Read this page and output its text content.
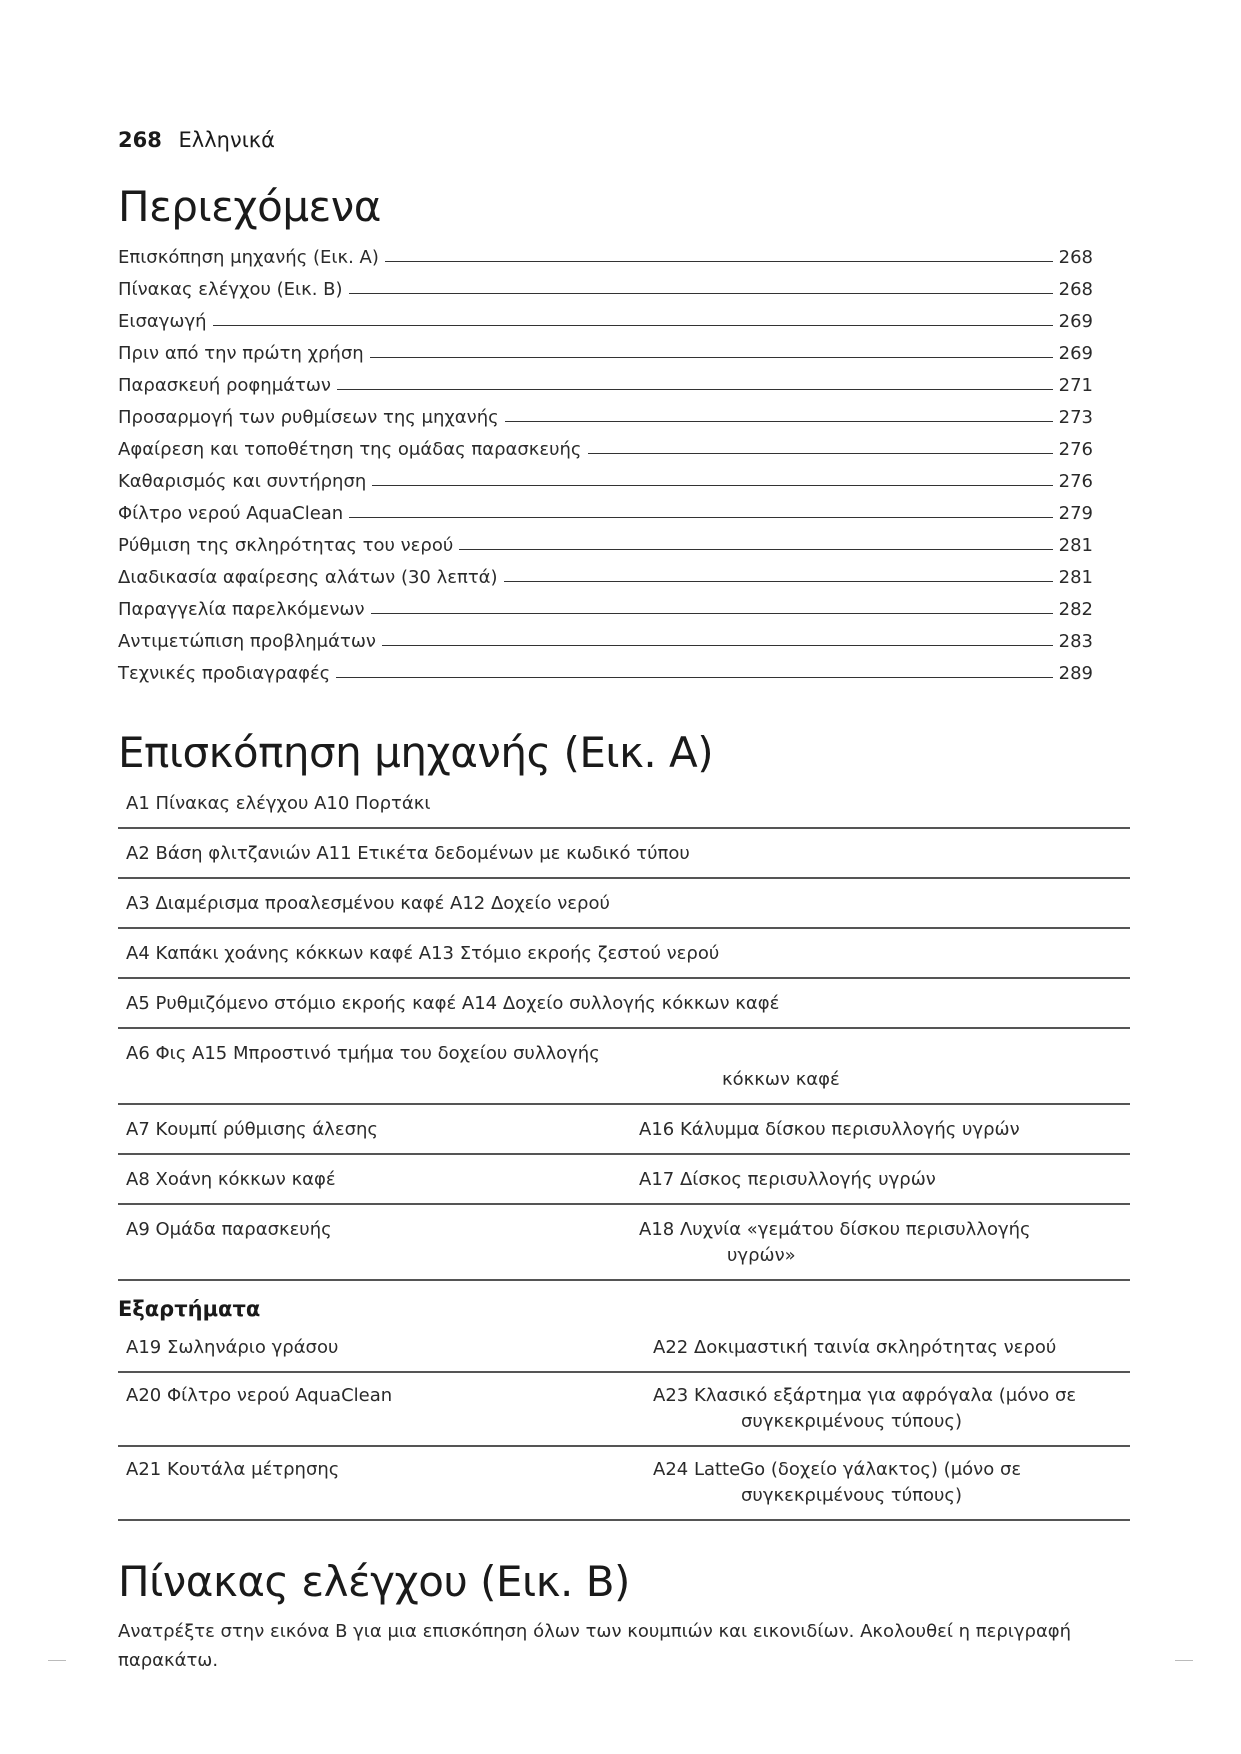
268 Ελληνικά
Περιεχόμενα
Επισκόπηση μηχανής (Εικ. A)	268
Πίνακας ελέγχου (Εικ. B)	268
Εισαγωγή	269
Πριν από την πρώτη χρήση	269
Παρασκευή ροφημάτων	271
Προσαρμογή των ρυθμίσεων της μηχανής	273
Αφαίρεση και τοποθέτηση της ομάδας παρασκευής	276
Καθαρισμός και συντήρηση	276
Φίλτρο νερού AquaClean	279
Ρύθμιση της σκληρότητας του νερού	281
Διαδικασία αφαίρεσης αλάτων (30 λεπτά)	281
Παραγγελία παρελκόμενων	282
Αντιμετώπιση προβλημάτων	283
Τεχνικές προδιαγραφές	289
Επισκόπηση μηχανής (Εικ. A)
A1 Πίνακας ελέγχου A10 Πορτάκι
A2 Βάση φλιτζανιών A11 Ετικέτα δεδομένων με κωδικό τύπου
A3 Διαμέρισμα προαλεσμένου καφέ A12 Δοχείο νερού
A4 Καπάκι χοάνης κόκκων καφέ A13 Στόμιο εκροής ζεστού νερού
A5 Ρυθμιζόμενο στόμιο εκροής καφέ A14 Δοχείο συλλογής κόκκων καφέ
A6 Φις A15 Μπροστινό τμήμα του δοχείου συλλογής
κόκκων καφέ
A7 Κουμπί ρύθμισης άλεσης	A16 Κάλυμμα δίσκου περισυλλογής υγρών
A8 Χοάνη κόκκων καφέ	A17 Δίσκος περισυλλογής υγρών
A9 Ομάδα παρασκευής	A18 Λυχνία «γεμάτου δίσκου περισυλλογής
υγρών»
Εξαρτήματα
A19 Σωληνάριο γράσου	A22 Δοκιμαστική ταινία σκληρότητας νερού
A20 Φίλτρο νερού AquaClean	A23 Κλασικό εξάρτημα για αφρόγαλα (μόνο σε
συγκεκριμένους τύπους)
A21 Κουτάλα μέτρησης	A24 LatteGo (δοχείο γάλακτος) (μόνο σε
συγκεκριμένους τύπους)
Πίνακας ελέγχου (Εικ. B)

Ανατρέξτε στην εικόνα B για μια επισκόπηση όλων των κουμπιών και εικονιδίων. Ακολουθεί η περιγραφή παρακάτω.
